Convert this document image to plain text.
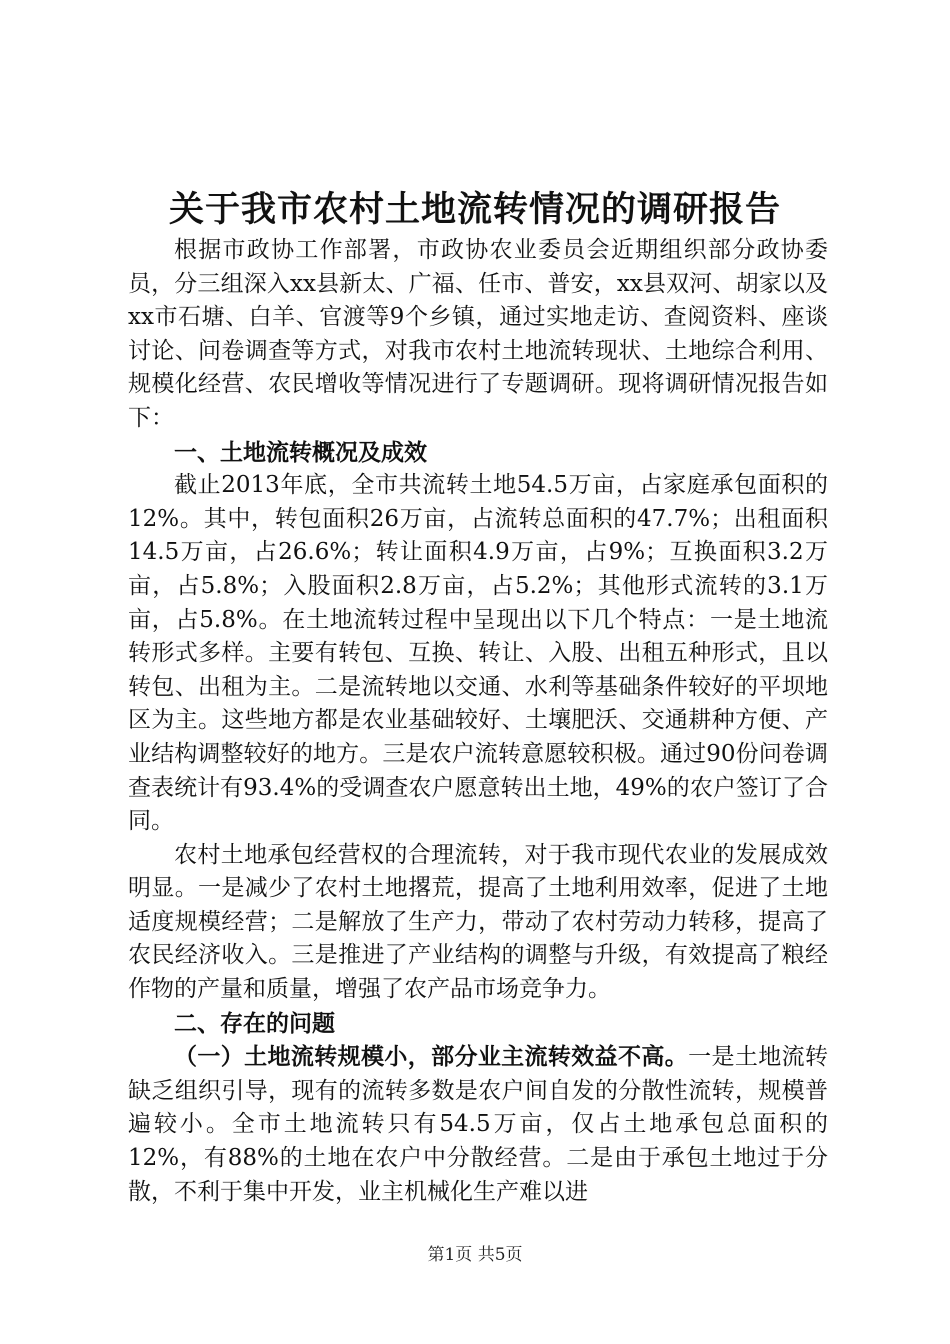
关于我市农村土地流转情况的调研报告

根据市政协工作部署，市政协农业委员会近期组织部分政协委员，分三组深入xx县新太、广福、任市、普安，xx县双河、胡家以及xx市石塘、白羊、官渡等9个乡镇，通过实地走访、查阅资料、座谈讨论、问卷调查等方式，对我市农村土地流转现状、土地综合利用、规模化经营、农民增收等情况进行了专题调研。现将调研情况报告如下：

一、土地流转概况及成效

截止2013年底，全市共流转土地54.5万亩，占家庭承包面积的12%。其中，转包面积26万亩，占流转总面积的47.7%；出租面积14.5万亩，占26.6%；转让面积4.9万亩，占9%；互换面积3.2万亩，占5.8%；入股面积2.8万亩，占5.2%；其他形式流转的3.1万亩，占5.8%。在土地流转过程中呈现出以下几个特点：一是土地流转形式多样。主要有转包、互换、转让、入股、出租五种形式，且以转包、出租为主。二是流转地以交通、水利等基础条件较好的平坝地区为主。这些地方都是农业基础较好、土壤肥沃、交通耕种方便、产业结构调整较好的地方。三是农户流转意愿较积极。通过90份问卷调查表统计有93.4%的受调查农户愿意转出土地，49%的农户签订了合同。

农村土地承包经营权的合理流转，对于我市现代农业的发展成效明显。一是减少了农村土地撂荒，提高了土地利用效率，促进了土地适度规模经营；二是解放了生产力，带动了农村劳动力转移，提高了农民经济收入。三是推进了产业结构的调整与升级，有效提高了粮经作物的产量和质量，增强了农产品市场竞争力。

二、存在的问题

（一）土地流转规模小，部分业主流转效益不高。一是土地流转缺乏组织引导，现有的流转多数是农户间自发的分散性流转，规模普遍较小。全市土地流转只有54.5万亩，仅占土地承包总面积的12%，有88%的土地在农户中分散经营。二是由于承包土地过于分散，不利于集中开发，业主机械化生产难以进

第1页 共5页
